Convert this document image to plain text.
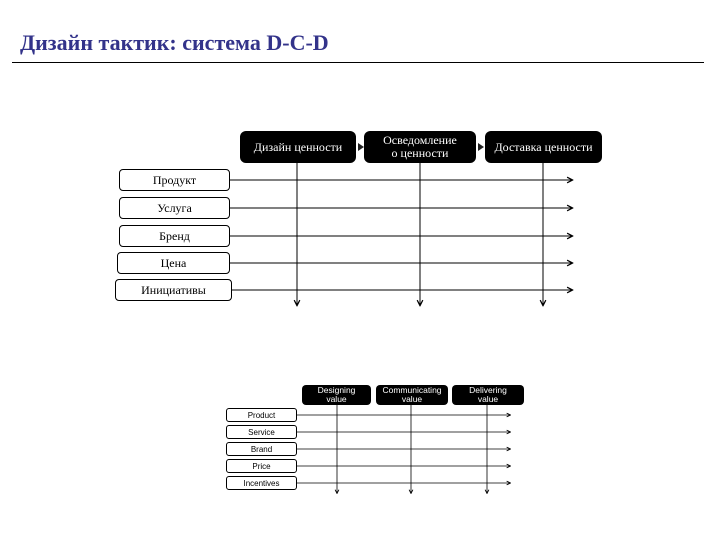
Дизайн тактик: система D-C-D
Дизайн ценности	Осведомление
о ценности	Доставка ценности
Продукт
Услуга
Бренд
Цена
Инициативы
Designing
value
Communicating
value
Delivering
value
Product
Service
Brand
Price
Incentives
